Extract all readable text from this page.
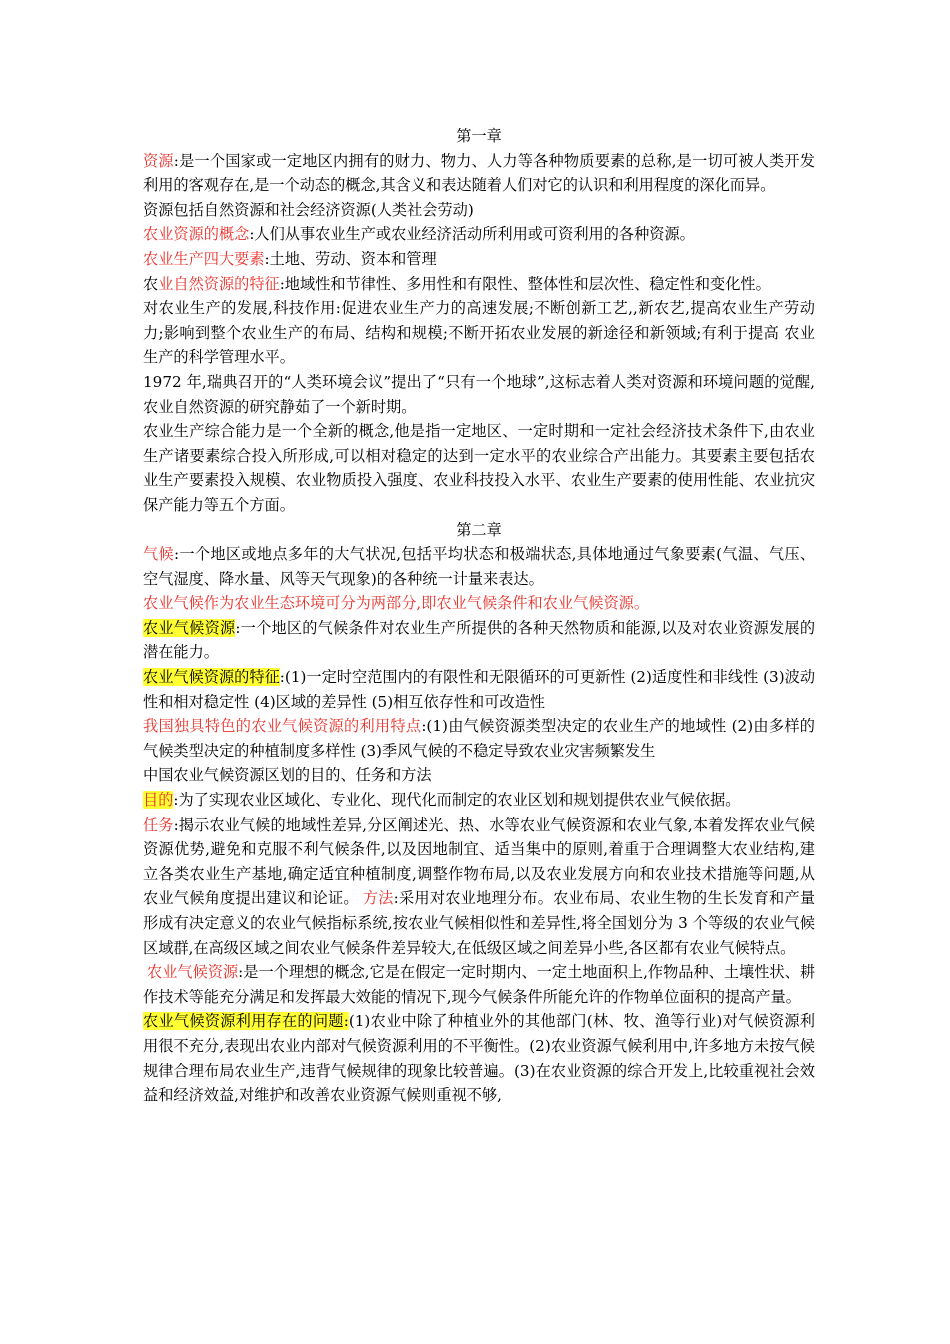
第一章

资源:是一个国家或一定地区内拥有的财力、物力、人力等各种物质要素的总称,是一切可被人类开发利用的客观存在,是一个动态的概念,其含义和表达随着人们对它的认识和利用程度的深化而异。

资源包括自然资源和社会经济资源(人类社会劳动)

农业资源的概念:人们从事农业生产或农业经济活动所利用或可资利用的各种资源。

农业生产四大要素:土地、劳动、资本和管理

农业自然资源的特征:地域性和节律性、多用性和有限性、整体性和层次性、稳定性和变化性。

对农业生产的发展,科技作用:促进农业生产力的高速发展;不断创新工艺,,新农艺,提高农业生产劳动力;影响到整个农业生产的布局、结构和规模;不断开拓农业发展的新途径和新领域;有利于提高 农业生产的科学管理水平。

1972 年,瑞典召开的“人类环境会议”提出了“只有一个地球”,这标志着人类对资源和环境问题的觉醒,农业自然资源的研究静茹了一个新时期。

农业生产综合能力是一个全新的概念,他是指一定地区、一定时期和一定社会经济技术条件下,由农业生产诸要素综合投入所形成,可以相对稳定的达到一定水平的农业综合产出能力。其要素主要包括农业生产要素投入规模、农业物质投入强度、农业科技投入水平、农业生产要素的使用性能、农业抗灾保产能力等五个方面。

第二章

气候:一个地区或地点多年的大气状况,包括平均状态和极端状态,具体地通过气象要素(气温、气压、空气湿度、降水量、风等天气现象)的各种统一计量来表达。

农业气候作为农业生态环境可分为两部分,即农业气候条件和农业气候资源。

农业气候资源:一个地区的气候条件对农业生产所提供的各种天然物质和能源,以及对农业资源发展的潜在能力。

农业气候资源的特征:(1)一定时空范围内的有限性和无限循环的可更新性 (2)适度性和非线性 (3)波动性和相对稳定性 (4)区域的差异性 (5)相互依存性和可改造性

我国独具特色的农业气候资源的利用特点:(1)由气候资源类型决定的农业生产的地域性 (2)由多样的气候类型决定的种植制度多样性 (3)季风气候的不稳定导致农业灾害频繁发生

中国农业气候资源区划的目的、任务和方法

目的:为了实现农业区域化、专业化、现代化而制定的农业区划和规划提供农业气候依据。

任务:揭示农业气候的地域性差异,分区阐述光、热、水等农业气候资源和农业气象,本着发挥农业气候资源优势,避免和克服不利气候条件,以及因地制宜、适当集中的原则,着重于合理调整大农业结构,建立各类农业生产基地,确定适宜种植制度,调整作物布局,以及农业发展方向和农业技术措施等问题,从农业气候角度提出建议和论证。 方法:采用对农业地理分布。农业布局、农业生物的生长发育和产量形成有决定意义的农业气候指标系统,按农业气候相似性和差异性,将全国划分为 3 个等级的农业气候区域群,在高级区域之间农业气候条件差异较大,在低级区域之间差异小些,各区都有农业气候特点。

农业气候资源:是一个理想的概念,它是在假定一定时期内、一定土地面积上,作物品种、土壤性状、耕作技术等能充分满足和发挥最大效能的情况下,现今气候条件所能允许的作物单位面积的提高产量。

农业气候资源利用存在的问题:(1)农业中除了种植业外的其他部门(林、牧、渔等行业)对气候资源利用很不充分,表现出农业内部对气候资源利用的不平衡性。(2)农业资源气候利用中,许多地方未按气候规律合理布局农业生产,违背气候规律的现象比较普遍。(3)在农业资源的综合开发上,比较重视社会效益和经济效益,对维护和改善农业资源气候则重视不够,
